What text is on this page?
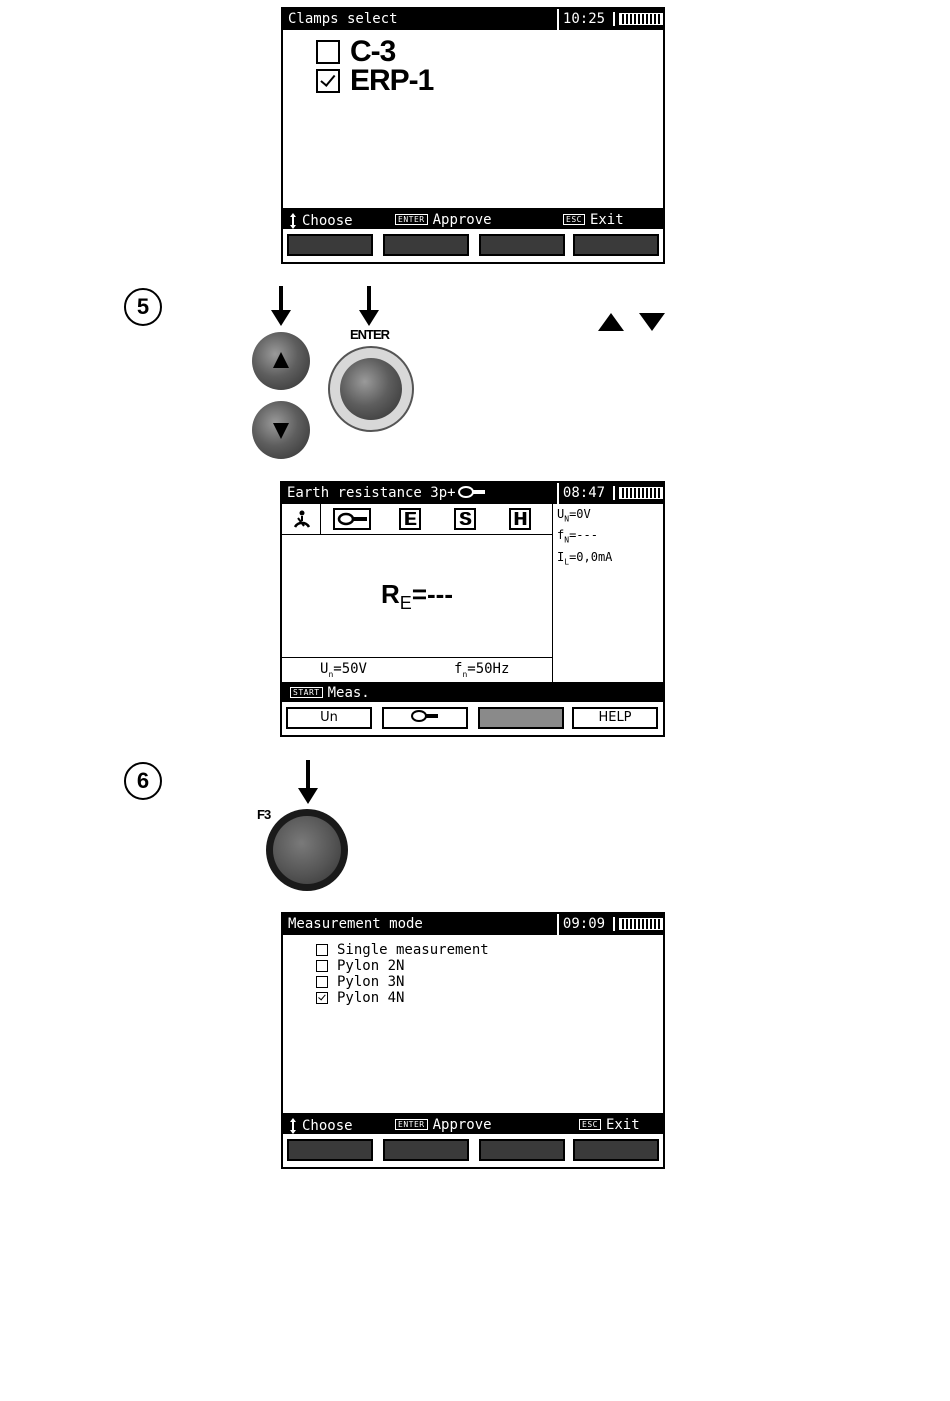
Clamps select	10:25
C-3
ERP-1
Choose	ENTER Approve	ESC Exit
5
ENTER
Earth resistance 3p+	08:47
E S H	$U_N=0V$
$f_N=---$
$I_L=0,0mA$
$R_E=---$
$U_n=50V$	$f_n=50Hz$
START Meas.
Un	HELP
6
F3
Measurement mode	09:09
Single measurement
Pylon 2N
Pylon 3N
Pylon 4N
Choose	ENTER Approve	ESC Exit
